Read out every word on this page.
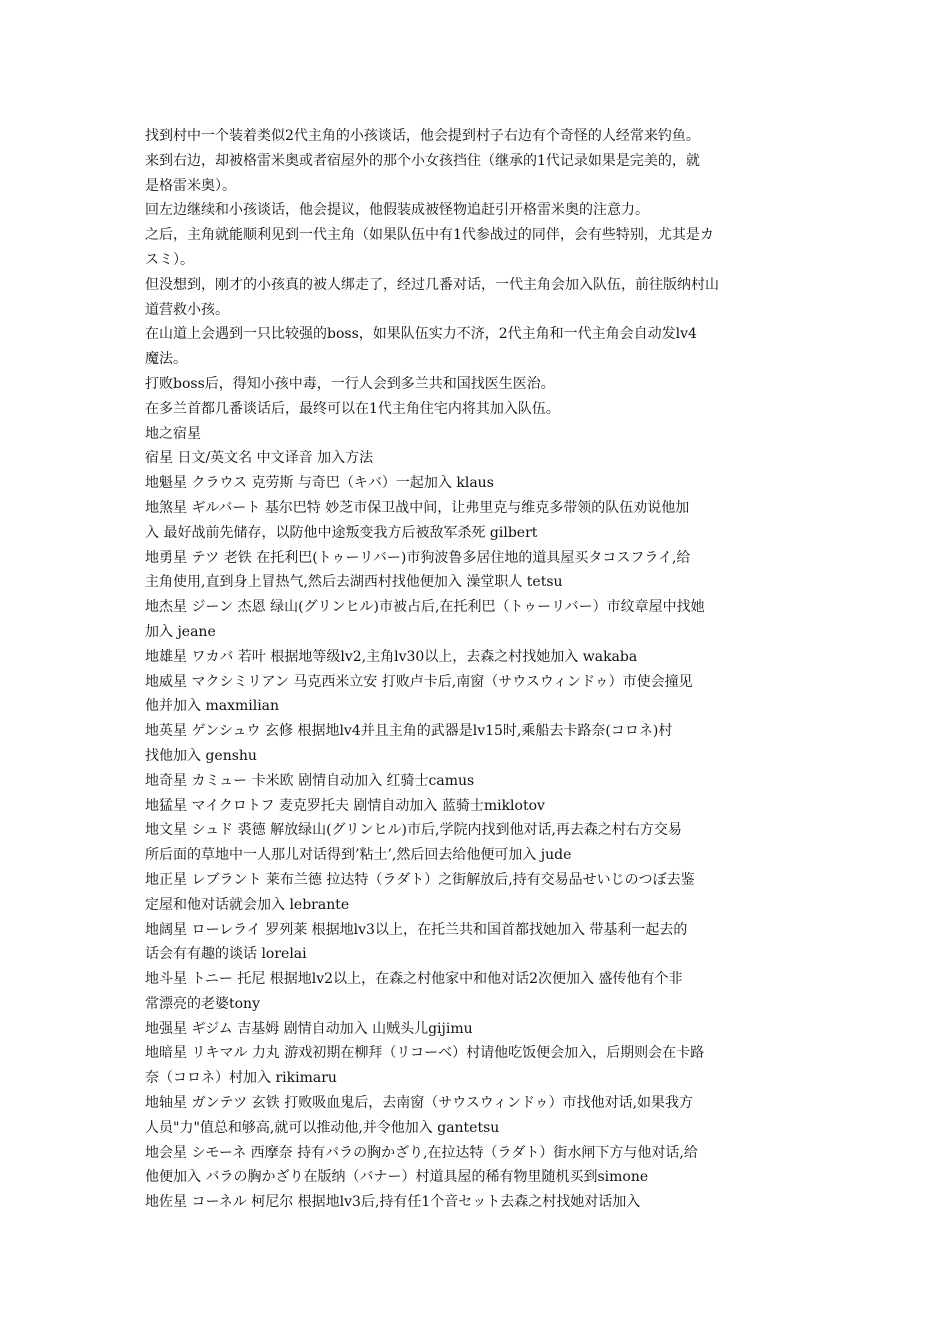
找到村中一个装着类似2代主角的小孩谈话，他会提到村子右边有个奇怪的人经常来钓鱼。
来到右边，却被格雷米奥或者宿屋外的那个小女孩挡住（继承的1代记录如果是完美的，就
是格雷米奥）。
回左边继续和小孩谈话，他会提议，他假装成被怪物追赶引开格雷米奥的注意力。
之后，主角就能顺利见到一代主角（如果队伍中有1代参战过的同伴，会有些特别，尤其是カ
スミ）。
但没想到，刚才的小孩真的被人绑走了，经过几番对话，一代主角会加入队伍，前往版纳村山
道营救小孩。
在山道上会遇到一只比较强的boss，如果队伍实力不济，2代主角和一代主角会自动发lv4
魔法。
打败boss后，得知小孩中毒，一行人会到多兰共和国找医生医治。
在多兰首都几番谈话后，最终可以在1代主角住宅内将其加入队伍。
地之宿星
宿星 日文/英文名 中文译音 加入方法
地魁星 クラウス 克劳斯 与奇巴（キバ）一起加入 klaus
地煞星 ギルバート 基尔巴特 妙芝市保卫战中间，让弗里克与维克多带领的队伍劝说他加
入 最好战前先储存，以防他中途叛变我方后被敌军杀死 gilbert
地勇星 テツ 老铁 在托利巴(トゥーリバー)市狗波鲁多居住地的道具屋买タコスフライ,给
主角使用,直到身上冒热气,然后去湖西村找他便加入 澡堂职人 tetsu
地杰星 ジーン 杰恩 绿山(グリンヒル)市被占后,在托利巴（トゥーリバー）市纹章屋中找她
加入 jeane
地雄星 ワカバ 若叶 根据地等级lv2,主角lv30以上，去森之村找她加入 wakaba
地威星 マクシミリアン 马克西米立安 打败卢卡后,南窗（サウスウィンドゥ）市使会撞见
他并加入 maxmilian
地英星 ゲンシュウ 玄修 根据地lv4并且主角的武器是lv15时,乘船去卡路奈(コロネ)村
找他加入 genshu
地奇星 カミュー 卡米欧 剧情自动加入 红骑士camus
地猛星 マイクロトフ 麦克罗托夫 剧情自动加入 蓝骑士miklotov
地文星 シュド 裘德 解放绿山(グリンヒル)市后,学院内找到他对话,再去森之村右方交易
所后面的草地中一人那儿对话得到’粘土’,然后回去给他便可加入 jude
地正星 レブラント 莱布兰德 拉达特（ラダト）之街解放后,持有交易品せいじのつぼ去鉴
定屋和他对话就会加入 lebrante
地阔星 ローレライ 罗列莱 根据地lv3以上，在托兰共和国首都找她加入 带基利一起去的
话会有有趣的谈话 lorelai
地斗星 トニー 托尼 根据地lv2以上，在森之村他家中和他对话2次便加入 盛传他有个非
常漂亮的老婆tony
地强星 ギジム 吉基姆 剧情自动加入 山贼头儿gijimu
地暗星 リキマル 力丸 游戏初期在柳拜（リコーベ）村请他吃饭便会加入，后期则会在卡路
奈（コロネ）村加入 rikimaru
地轴星 ガンテツ 玄铁 打败吸血鬼后，去南窗（サウスウィンドゥ）市找他对话,如果我方
人员"力"值总和够高,就可以推动他,并令他加入 gantetsu
地会星 シモーネ 西摩奈 持有バラの胸かざり,在拉达特（ラダト）街水闸下方与他对话,给
他便加入 バラの胸かざり在版纳（バナー）村道具屋的稀有物里随机买到simone
地佐星 コーネル 柯尼尔 根据地lv3后,持有任1个音セット去森之村找她对话加入
